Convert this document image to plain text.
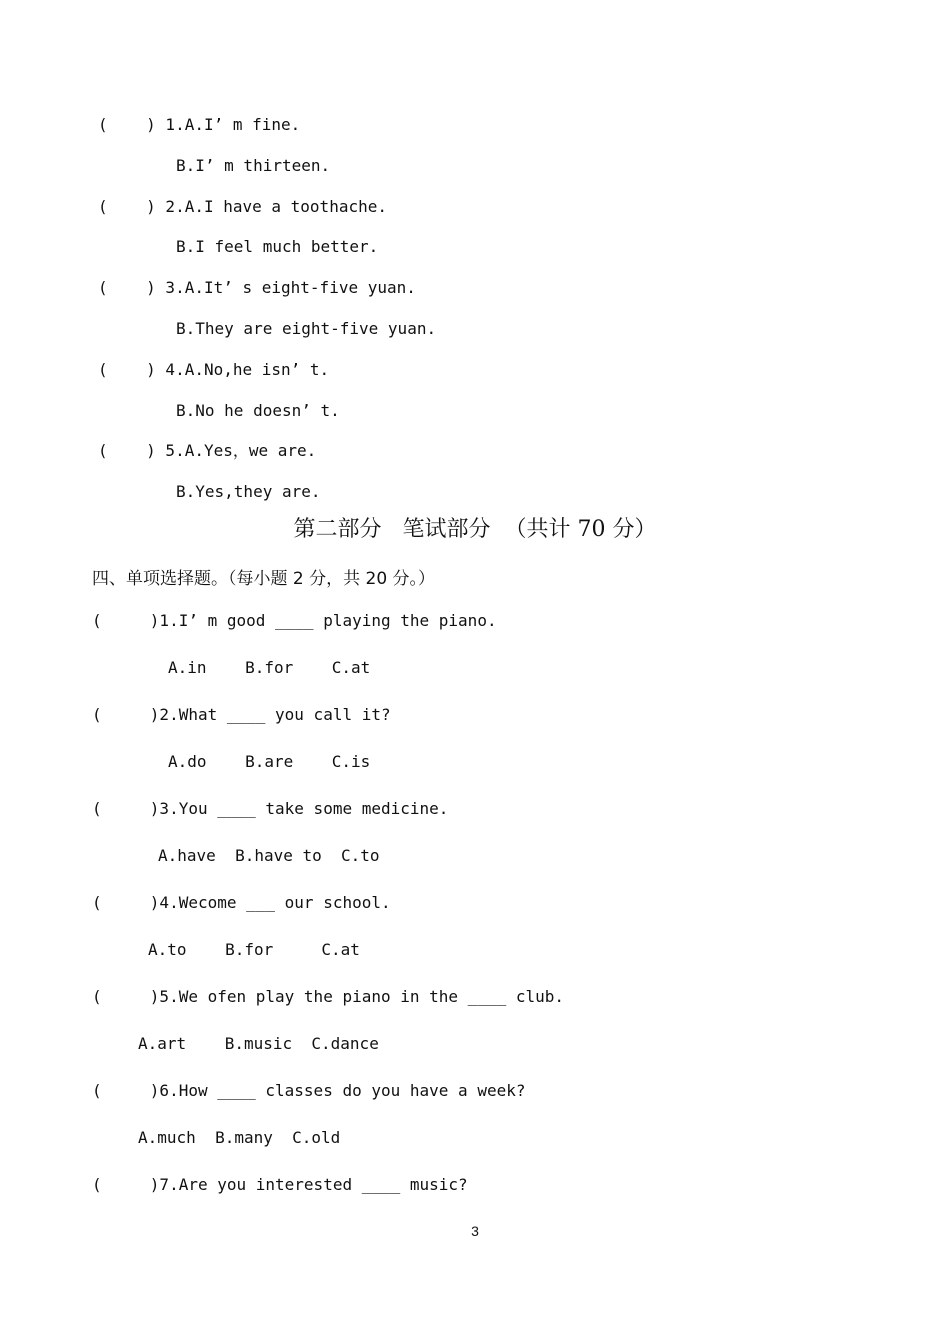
(    ) 1.A.I’ m fine.
B.I’ m thirteen.
(    ) 2.A.I have a toothache.
B.I feel much better.
(    ) 3.A.It’ s eight-five yuan.
B.They are eight-five yuan.
(    ) 4.A.No,he isn’ t.
B.No he doesn’ t.
(    ) 5.A.Yes，we are.
B.Yes,they are.
第二部分   笔试部分  （共计 70 分）
四、单项选择题。（每小题 2 分，共 20 分。）
(     )1.I’ m good ____ playing the piano.
A.in    B.for    C.at
(     )2.What ____ you call it?
A.do    B.are    C.is
(     )3.You ____ take some medicine.
A.have  B.have to  C.to
(     )4.Wecome ___ our school.
A.to    B.for     C.at
(     )5.We ofen play the piano in the ____ club.
A.art    B.music  C.dance
(     )6.How ____ classes do you have a week?
A.much  B.many  C.old
(     )7.Are you interested ____ music?
3
